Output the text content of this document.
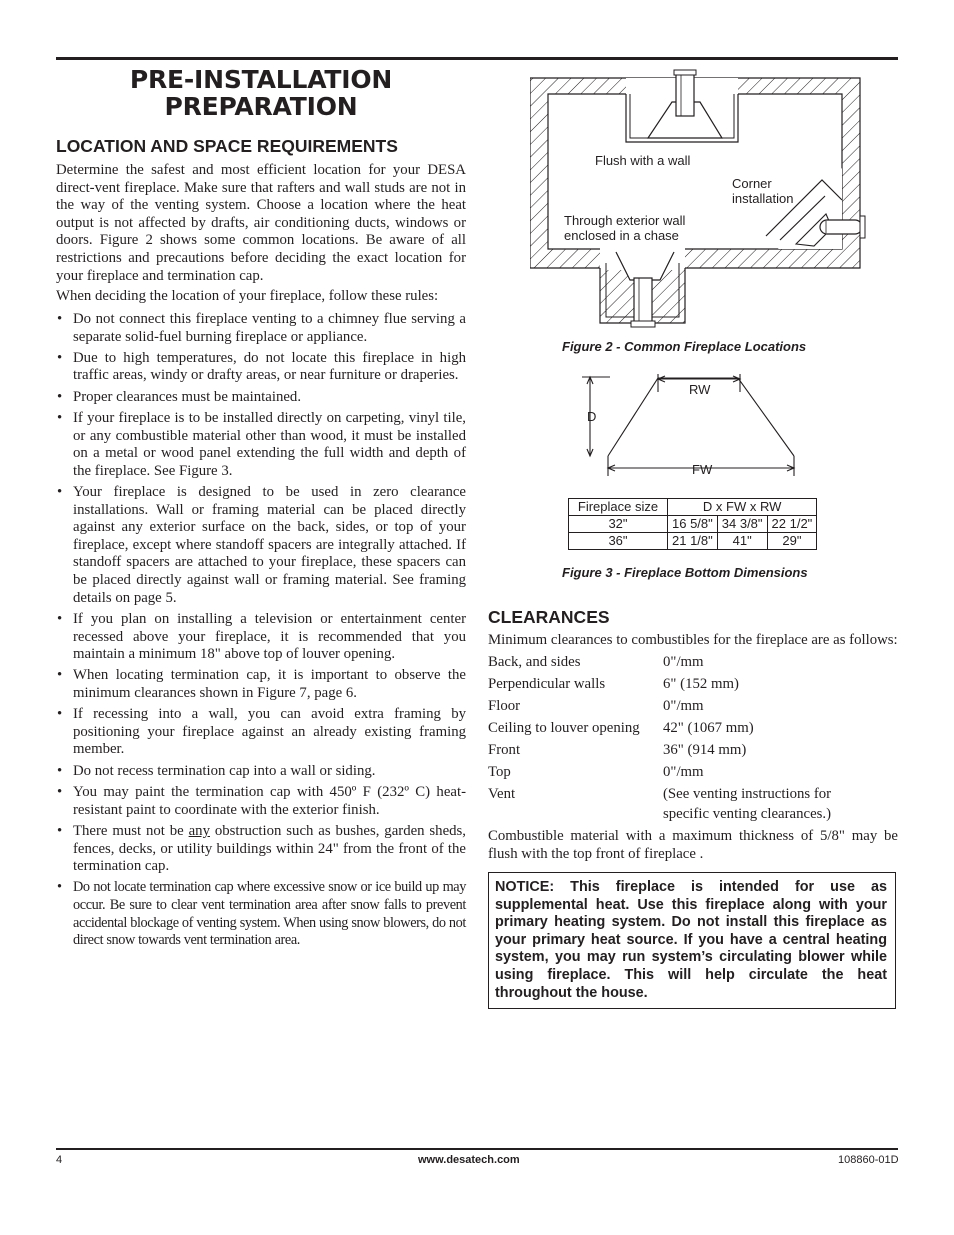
PRE-INSTALLATION
PREPARATION
LOCATION AND SPACE REQUIREMENTS

Determine the safest and most efficient location for your DESA direct-vent fireplace. Make sure that rafters and wall studs are not in the way of the venting system. Choose a location where the heat output is not affected by drafts, air conditioning ducts, windows or doors. Figure 2 shows some common locations. Be aware of all restrictions and precautions before deciding the exact location for your fireplace and termination cap.

When deciding the location of your fireplace, follow these rules:

• Do not connect this fireplace venting to a chimney flue serving a separate solid-fuel burning fireplace or appliance.
• Due to high temperatures, do not locate this fireplace in high traffic areas, windy or drafty areas, or near furniture or draperies.
• Proper clearances must be maintained.
• If your fireplace is to be installed directly on carpeting, vinyl tile, or any combustible material other than wood, it must be installed on a metal or wood panel extending the full width and depth of the fireplace. See Figure 3.
• Your fireplace is designed to be used in zero clearance installations. Wall or framing material can be placed directly against any exterior surface on the back, sides, or top of your fireplace, except where standoff spacers are integrally attached. If standoff spacers are attached to your fireplace, these spacers can be placed directly against wall or framing material. See framing details on page 5.
• If you plan on installing a television or entertainment center recessed above your fireplace, it is recommended that you maintain a minimum 18" above top of louver opening.
• When locating termination cap, it is important to observe the minimum clearances shown in Figure 7, page 6.
• If recessing into a wall, you can avoid extra framing by positioning your fireplace against an already existing framing member.
• Do not recess termination cap into a wall or siding.
• You may paint the termination cap with 450º F (232º C) heat-resistant paint to coordinate with the exterior finish.
• There must not be any obstruction such as bushes, garden sheds, fences, decks, or utility buildings within 24" from the front of the termination cap.
• Do not locate termination cap where excessive snow or ice build up may occur. Be sure to clear vent termination area after snow falls to prevent accidental blockage of venting system. When using snow blowers, do not direct snow towards vent termination area.
Flush with a wall
Corner
installation
Through exterior wall
enclosed in a chase
Figure 2 - Common Fireplace Locations
RW
D
FW
Fireplace size	D x FW x RW		
32"	16 5/8"	34 3/8"	22 1/2"
36"	21 1/8"	41"	29"
Figure 3 - Fireplace Bottom Dimensions
CLEARANCES
Minimum clearances to combustibles for the fireplace are as follows:
Back, and sides	0"/mm
Perpendicular walls	6" (152 mm)
Floor	0"/mm
Ceiling to louver opening	42" (1067 mm)
Front	36" (914 mm)
Top	0"/mm
Vent	(See venting instructions for specific venting clearances.)
Combustible material with a maximum thickness of 5/8" may be flush with the top front of fireplace .
NOTICE: This fireplace is intended for use as supplemental heat. Use this fireplace along with your primary heating system. Do not install this fireplace as your primary heat source. If you have a central heating system, you may run system’s circulating blower while using fireplace. This will help circulate the heat throughout the house.
4	www.desatech.com	108860-01D
